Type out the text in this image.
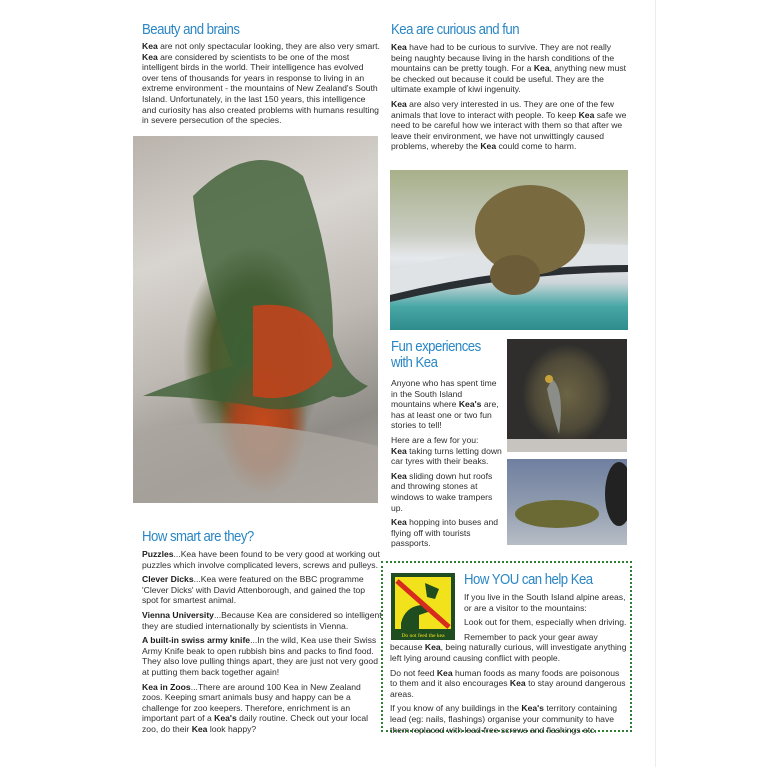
Beauty and brains

Kea are not only spectacular looking, they are also very smart. Kea are considered by scientists to be one of the most intelligent birds in the world. Their intelligence has evolved over tens of thousands for years in response to living in an extreme environment - the mountains of New Zealand's South Island. Unfortunately, in the last 150 years, this intelligence and curiosity has also created problems with humans resulting in severe persecution of the species.

How smart are they?

Puzzles...Kea have been found to be very good at working out puzzles which involve complicated levers, screws and pulleys.

Clever Dicks...Kea were featured on the BBC programme 'Clever Dicks' with David Attenborough, and gained the top spot for smartest animal.

Vienna University...Because Kea are considered so intelligent they are studied internationally by scientists in Vienna.

A built-in swiss army knife...In the wild, Kea use their Swiss Army Knife beak to open rubbish bins and packs to find food. They also love pulling things apart, they are just not very good at putting them back together again!

Kea in Zoos...There are around 100 Kea in New Zealand zoos. Keeping smart animals busy and happy can be a challenge for zoo keepers. Therefore, enrichment is an important part of a Kea's daily routine. Check out your local zoo, do their Kea look happy?

Kea are curious and fun

Kea have had to be curious to survive. They are not really being naughty because living in the harsh conditions of the mountains can be pretty tough. For a Kea, anything new must be checked out because it could be useful. They are the ultimate example of kiwi ingenuity.

Kea are also very interested in us. They are one of the few animals that love to interact with people. To keep Kea safe we need to be careful how we interact with them so that after we leave their environment, we have not unwittingly caused problems, whereby the Kea could come to harm.

Fun experiences
with Kea

Anyone who has spent time in the South Island mountains where Kea's are, has at least one or two fun stories to tell!

Here are a few for you:
Kea taking turns letting down car tyres with their beaks.

Kea sliding down hut roofs and throwing stones at windows to wake trampers up.

Kea hopping into buses and flying off with tourists passports.

Do not feed the kea
How YOU can help Kea

If you live in the South Island alpine areas, or are a visitor to the mountains:

Look out for them, especially when driving.

Remember to pack your gear away because Kea, being naturally curious, will investigate anything left lying around causing conflict with people.

Do not feed Kea human foods as many foods are poisonous to them and it also encourages Kea to stay around dangerous areas.

If you know of any buildings in the Kea's territory containing lead (eg: nails, flashings) organise your community to have them replaced with lead-free screws and flashings etc.
